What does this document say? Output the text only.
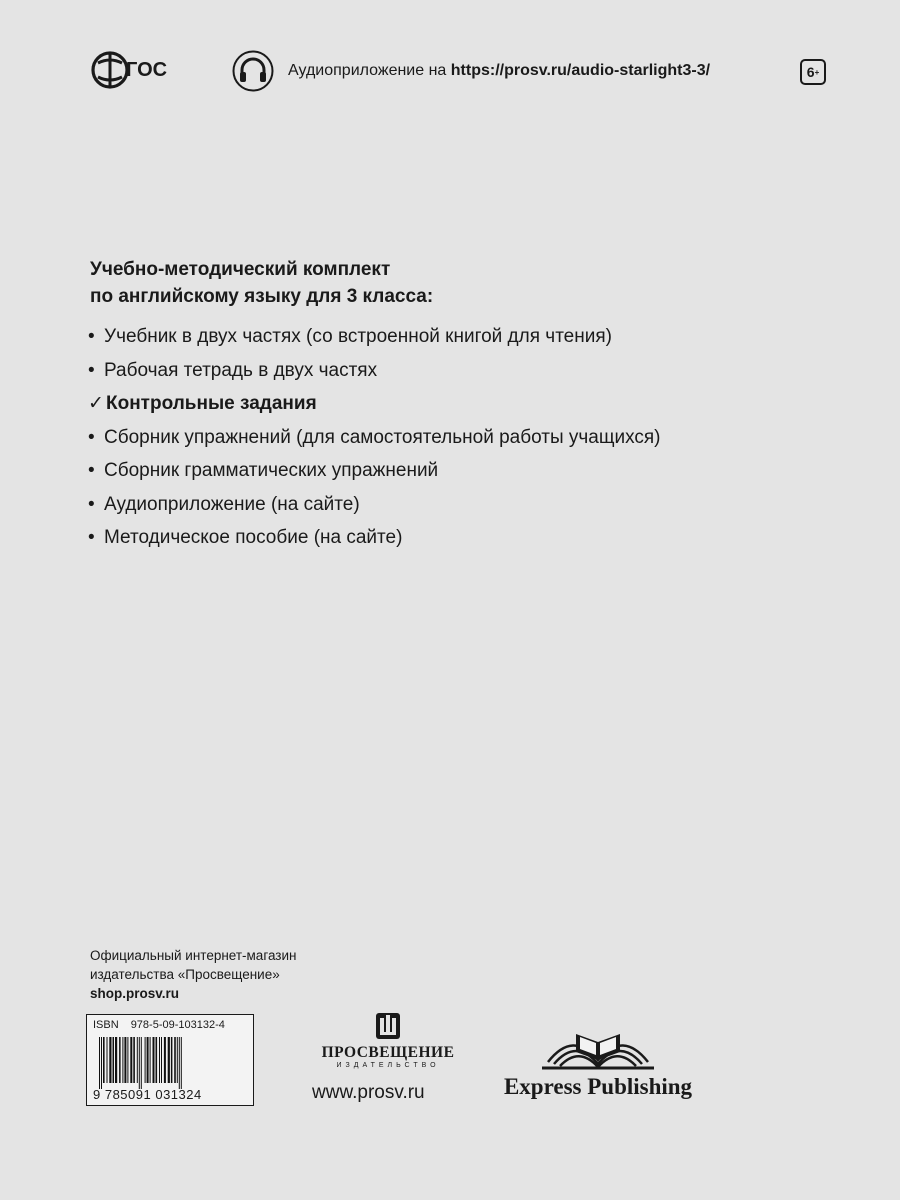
ГОС	Аудиоприложение на https://prosv.ru/audio-starlight3-3/	6 +
Учебно-методический комплект
по английскому языку для 3 класса:
• Учебник в двух частях (со встроенной книгой для чтения)
• Рабочая тетрадь в двух частях
✓ Контрольные задания
• Сборник упражнений (для самостоятельной работы учащихся)
• Сборник грамматических упражнений
• Аудиоприложение (на сайте)
• Методическое пособие (на сайте)
Официальный интернет-магазин
издательства «Просвещение»
shop.prosv.ru
ISBN 978-5-09-103132-4
9 785091 031324
ПРОСВЕЩЕНИЕ
ИЗДАТЕЛЬСТВО
www.prosv.ru	Express Publishing
